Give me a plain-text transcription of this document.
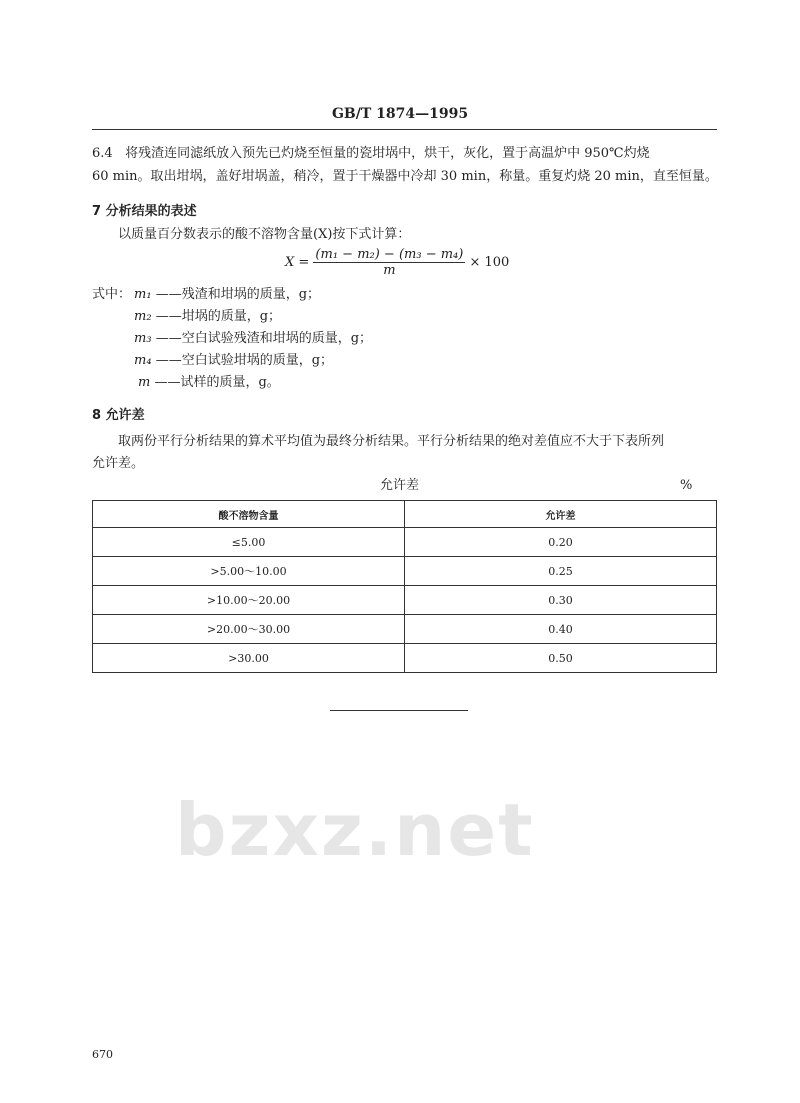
GB/T 1874—1995
bzxz.net
6.4 将残渣连同滤纸放入预先已灼烧至恒量的瓷坩埚中，烘干，灰化，置于高温炉中 950℃灼烧
60 min。取出坩埚，盖好坩埚盖，稍冷，置于干燥器中冷却 30 min，称量。重复灼烧 20 min，直至恒量。
7 分析结果的表述
以质量百分数表示的酸不溶物含量(X)按下式计算：
$X = \frac{\text{(m₁ − m₂) − (m₃ − m₄)}}{m} \times 100$
式中： m₁ ——残渣和坩埚的质量，g；
m₂ ——坩埚的质量，g；
m₃ ——空白试验残渣和坩埚的质量，g；
m₄ ——空白试验坩埚的质量，g；
m ——试样的质量，g。
8 允许差
取两份平行分析结果的算术平均值为最终分析结果。平行分析结果的绝对差值应不大于下表所列
允许差。
允许差	%
酸不溶物含量	允许差
≤5.00	0.20
>5.00～10.00	0.25
>10.00～20.00	0.30
>20.00～30.00	0.40
>30.00	0.50
670
